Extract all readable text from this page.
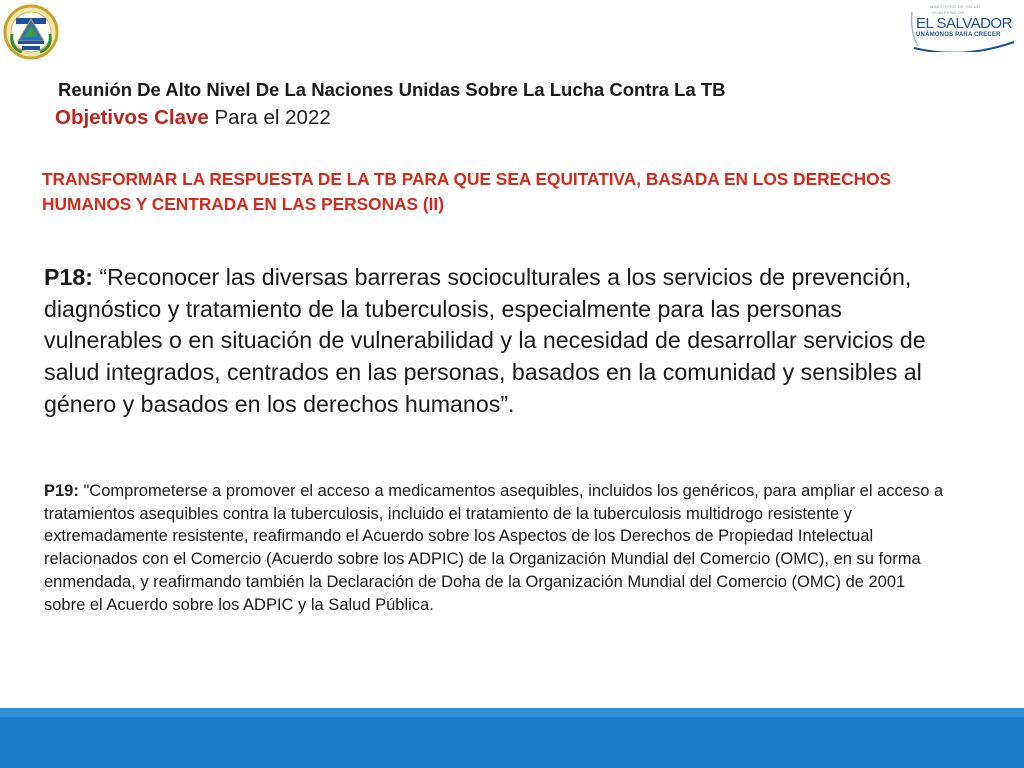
MINISTERIO DE SALUD
GOBIERNO DE
EL SALVADOR
UNÁMONOS PARA CRECER
Reunión De Alto Nivel De La Naciones Unidas Sobre La Lucha Contra La TB
Objetivos Clave Para el 2022
TRANSFORMAR LA RESPUESTA DE LA TB PARA QUE SEA EQUITATIVA, BASADA EN LOS DERECHOS HUMANOS Y CENTRADA EN LAS PERSONAS (II)
P18: “Reconocer las diversas barreras socioculturales a los servicios de prevención, diagnóstico y tratamiento de la tuberculosis, especialmente para las personas vulnerables o en situación de vulnerabilidad y la necesidad de desarrollar servicios de salud integrados, centrados en las personas, basados en la comunidad y sensibles al género y basados en los derechos humanos”.
P19: "Comprometerse a promover el acceso a medicamentos asequibles, incluidos los genéricos, para ampliar el acceso a tratamientos asequibles contra la tuberculosis, incluido el tratamiento de la tuberculosis multidrogo resistente y extremadamente resistente, reafirmando el Acuerdo sobre los Aspectos de los Derechos de Propiedad Intelectual relacionados con el Comercio (Acuerdo sobre los ADPIC) de la Organización Mundial del Comercio (OMC), en su forma enmendada, y reafirmando también la Declaración de Doha de la Organización Mundial del Comercio (OMC) de 2001 sobre el Acuerdo sobre los ADPIC y la Salud Pública.
